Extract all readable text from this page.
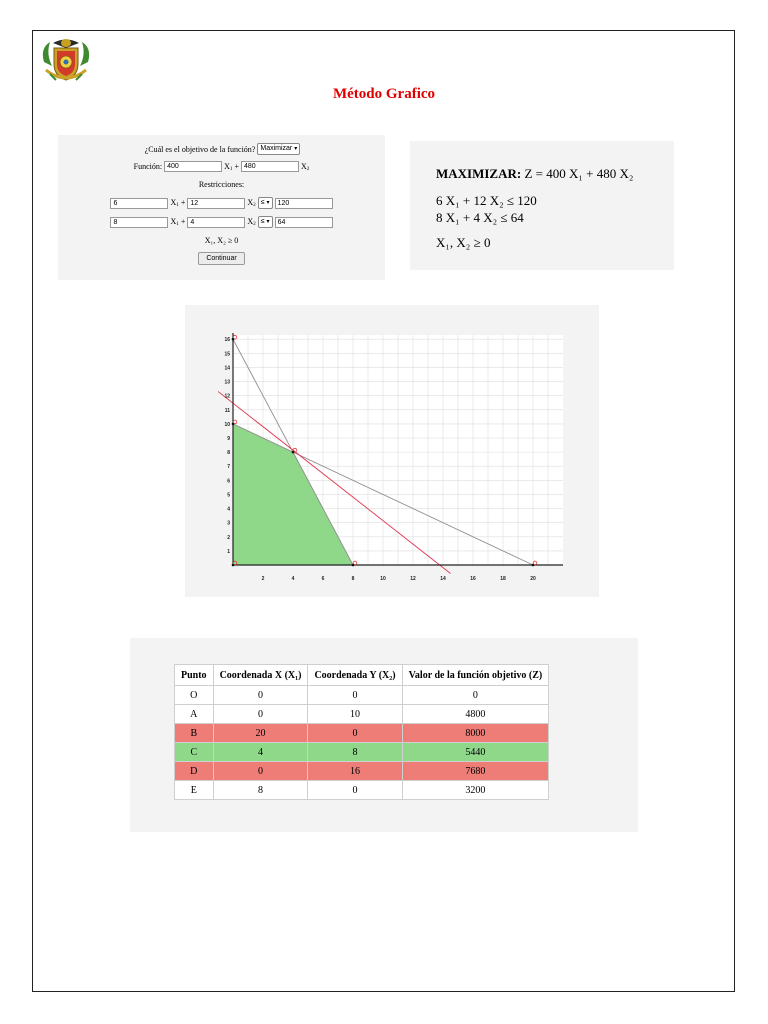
Método Grafico
¿Cuál es el objetivo de la función? Maximizar ▾
Función:400	$X_1 +480$	$X_2$
Restricciones:
$6X_1 +12$	$X_2$ ≤ ▾ 120
$8X_1 +4$	$X_2$ ≤ ▾ 64
X₁, X₂ ≥ 0
Continuar
MAXIMIZAR: Z = 400 X₁ + 480 X₂
6 X₁ + 12 X₂ ≤ 120
8 X₁ + 4 X₂ ≤ 64
X₁, X₂ ≥ 0
2	4	6	8	10	12	14	16	18	20
1
2
3
4
5
6
7
8
9
10
11
12
13
14
15
16
Punto	Coordenada X (X₁)	Coordenada Y (X₂)	Valor de la función objetivo (Z)
O	0	0	0
A	0	10	4800
B	20	0	8000
C	4	8	5440
D	0	16	7680
E	8	0	3200
